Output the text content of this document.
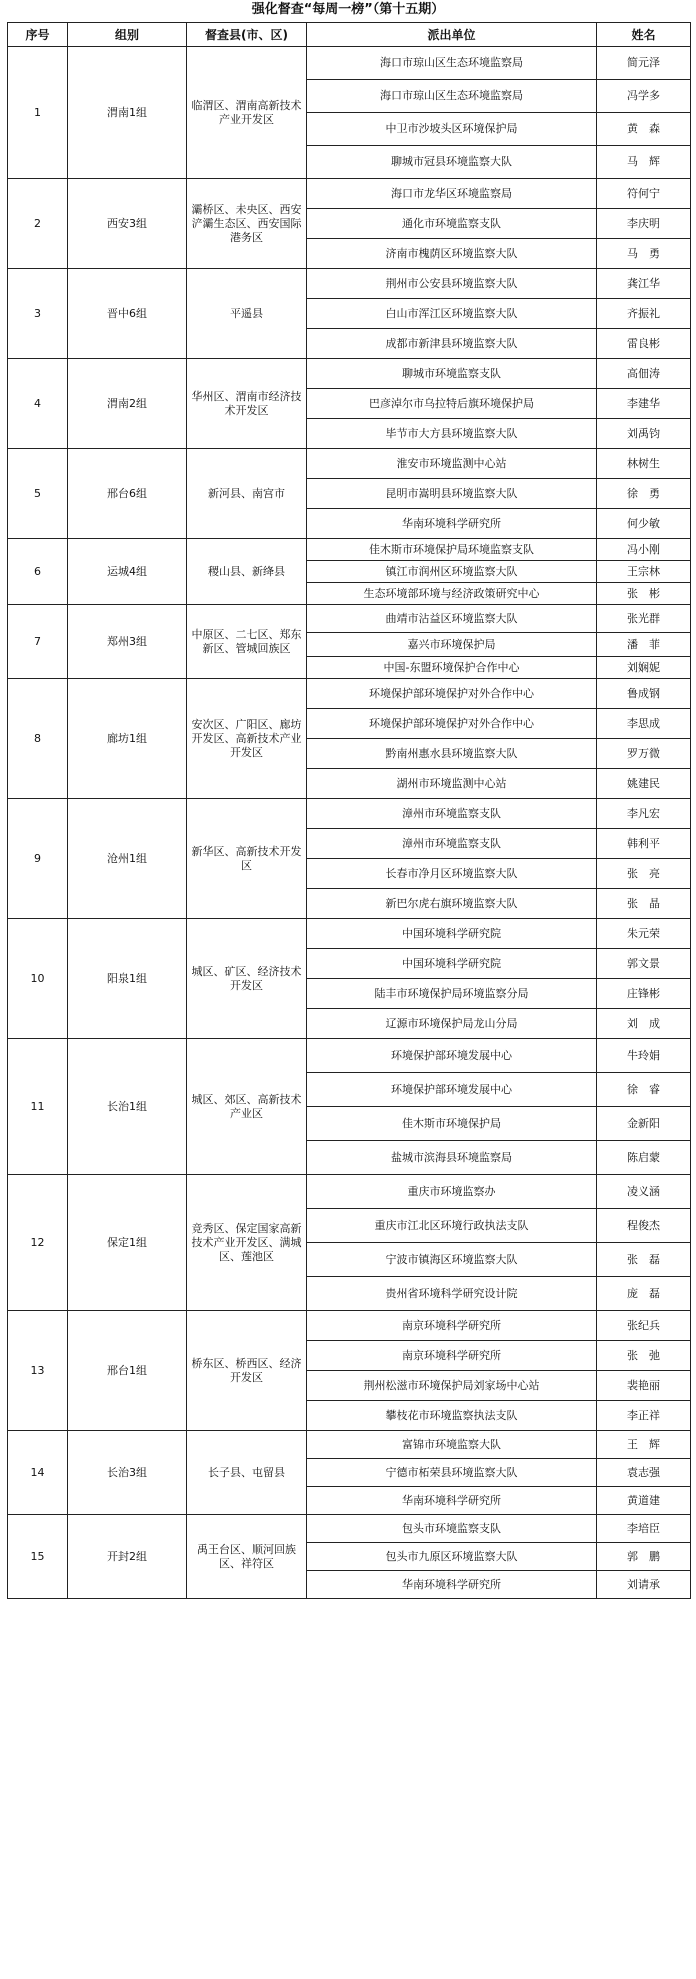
强化督查“每周一榜”（第十五期）
序号	组别	督查县(市、区)	派出单位	姓名
1	渭南1组	临渭区、渭南高新技术产业开发区	海口市琼山区生态环境监察局	简元泽
			海口市琼山区生态环境监察局	冯学多
			中卫市沙坡头区环境保护局	黄　森
			聊城市冠县环境监察大队	马　辉
2	西安3组	灞桥区、未央区、西安浐灞生态区、西安国际港务区	海口市龙华区环境监察局	符何宁
			通化市环境监察支队	李庆明
			济南市槐荫区环境监察大队	马　勇
3	晋中6组	平遥县	荆州市公安县环境监察大队	龚江华
			白山市浑江区环境监察大队	齐振礼
			成都市新津县环境监察大队	雷良彬
4	渭南2组	华州区、渭南市经济技术开发区	聊城市环境监察支队	高佃涛
			巴彦淖尔市乌拉特后旗环境保护局	李建华
			毕节市大方县环境监察大队	刘禹钧
5	邢台6组	新河县、南宫市	淮安市环境监测中心站	林树生
			昆明市嵩明县环境监察大队	徐　勇
			华南环境科学研究所	何少敏
6	运城4组	稷山县、新绛县	佳木斯市环境保护局环境监察支队	冯小刚
			镇江市润州区环境监察大队	王宗林
			生态环境部环境与经济政策研究中心	张　彬
7	郑州3组	中原区、二七区、郑东新区、管城回族区	曲靖市沾益区环境监察大队	张光群
			嘉兴市环境保护局	潘　菲
			中国-东盟环境保护合作中心	刘娴妮
8	廊坊1组	安次区、广阳区、廊坊开发区、高新技术产业开发区	环境保护部环境保护对外合作中心	鲁成钢
			环境保护部环境保护对外合作中心	李思成
			黔南州惠水县环境监察大队	罗万微
			湖州市环境监测中心站	姚建民
9	沧州1组	新华区、高新技术开发区	漳州市环境监察支队	李凡宏
			漳州市环境监察支队	韩利平
			长春市净月区环境监察大队	张　亮
			新巴尔虎右旗环境监察大队	张　晶
10	阳泉1组	城区、矿区、经济技术开发区	中国环境科学研究院	朱元荣
			中国环境科学研究院	郭文景
			陆丰市环境保护局环境监察分局	庄锋彬
			辽源市环境保护局龙山分局	刘　成
11	长治1组	城区、郊区、高新技术产业区	环境保护部环境发展中心	牛玲娟
			环境保护部环境发展中心	徐　睿
			佳木斯市环境保护局	金新阳
			盐城市滨海县环境监察局	陈启蒙
12	保定1组	竞秀区、保定国家高新技术产业开发区、满城区、莲池区	重庆市环境监察办	凌义涵
			重庆市江北区环境行政执法支队	程俊杰
			宁波市镇海区环境监察大队	张　磊
			贵州省环境科学研究设计院	庞　磊
13	邢台1组	桥东区、桥西区、经济开发区	南京环境科学研究所	张纪兵
			南京环境科学研究所	张　弛
			荆州松滋市环境保护局刘家场中心站	裴艳丽
			攀枝花市环境监察执法支队	李正祥
14	长治3组	长子县、屯留县	富锦市环境监察大队	王　辉
			宁德市柘荣县环境监察大队	袁志强
			华南环境科学研究所	黄道建
15	开封2组	禹王台区、顺河回族区、祥符区	包头市环境监察支队	李培臣
			包头市九原区环境监察大队	郭　鹏
			华南环境科学研究所	刘请承
